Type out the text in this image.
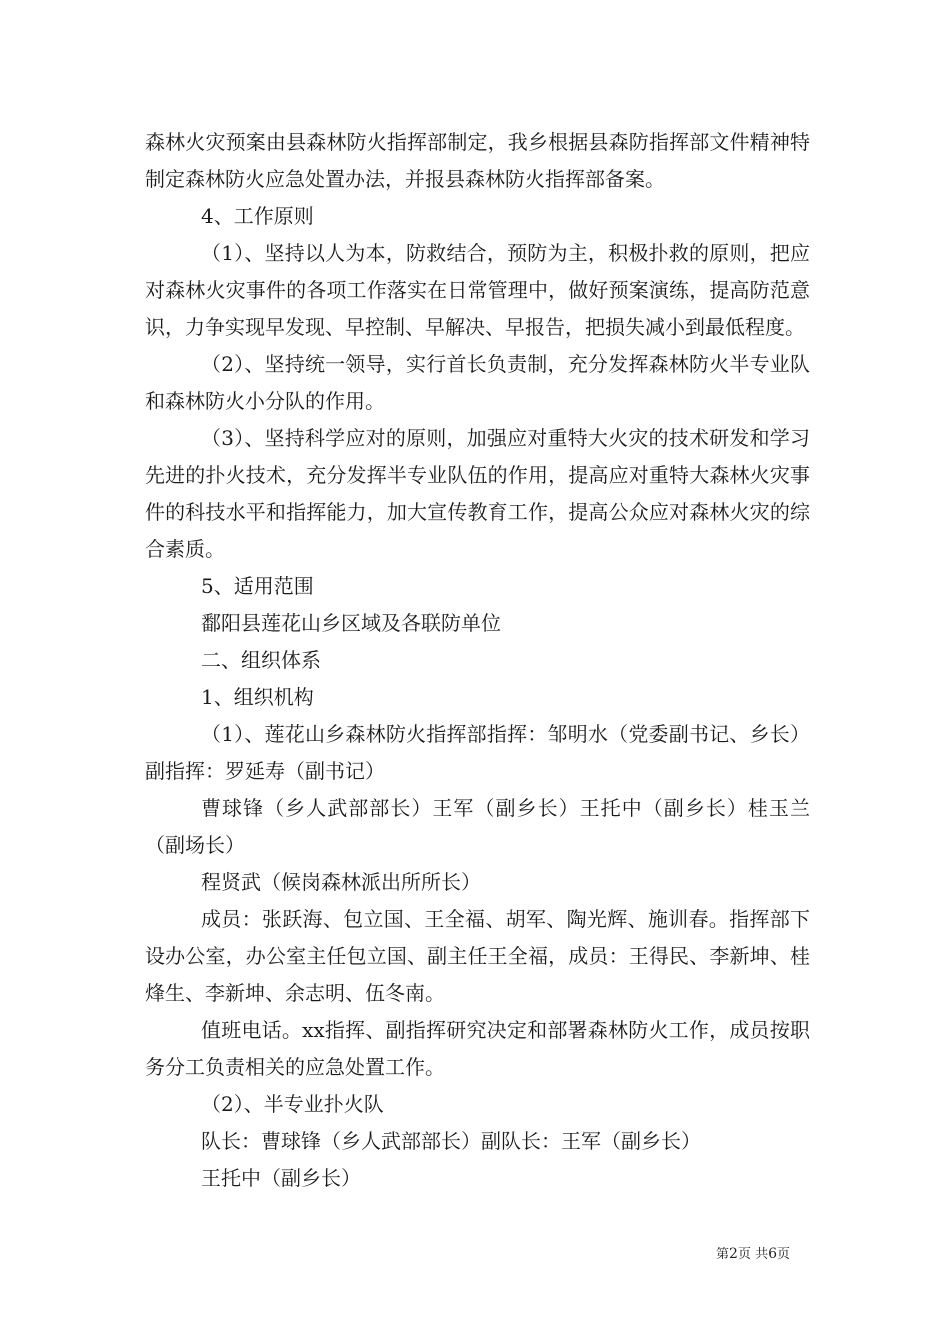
森林火灾预案由县森林防火指挥部制定，我乡根据县森防指挥部文件精神特制定森林防火应急处置办法，并报县森林防火指挥部备案。

4、工作原则

（1）、坚持以人为本，防救结合，预防为主，积极扑救的原则，把应对森林火灾事件的各项工作落实在日常管理中，做好预案演练，提高防范意识，力争实现早发现、早控制、早解决、早报告，把损失减小到最低程度。

（2）、坚持统一领导，实行首长负责制，充分发挥森林防火半专业队和森林防火小分队的作用。

（3）、坚持科学应对的原则，加强应对重特大火灾的技术研发和学习先进的扑火技术，充分发挥半专业队伍的作用，提高应对重特大森林火灾事件的科技水平和指挥能力，加大宣传教育工作，提高公众应对森林火灾的综合素质。

5、适用范围

鄱阳县莲花山乡区域及各联防单位

二、组织体系

1、组织机构

（1）、莲花山乡森林防火指挥部指挥：邹明水（党委副书记、乡长）副指挥：罗延寿（副书记）

曹球锋（乡人武部部长）王军（副乡长）王托中（副乡长）桂玉兰（副场长）

程贤武（候岗森林派出所所长）

成员：张跃海、包立国、王全福、胡军、陶光辉、施训春。指挥部下设办公室，办公室主任包立国、副主任王全福，成员：王得民、李新坤、桂烽生、李新坤、余志明、伍冬南。

值班电话。xx指挥、副指挥研究决定和部署森林防火工作，成员按职务分工负责相关的应急处置工作。

（2）、半专业扑火队

队长：曹球锋（乡人武部部长）副队长：王军（副乡长）

王托中（副乡长）

第2页 共6页
